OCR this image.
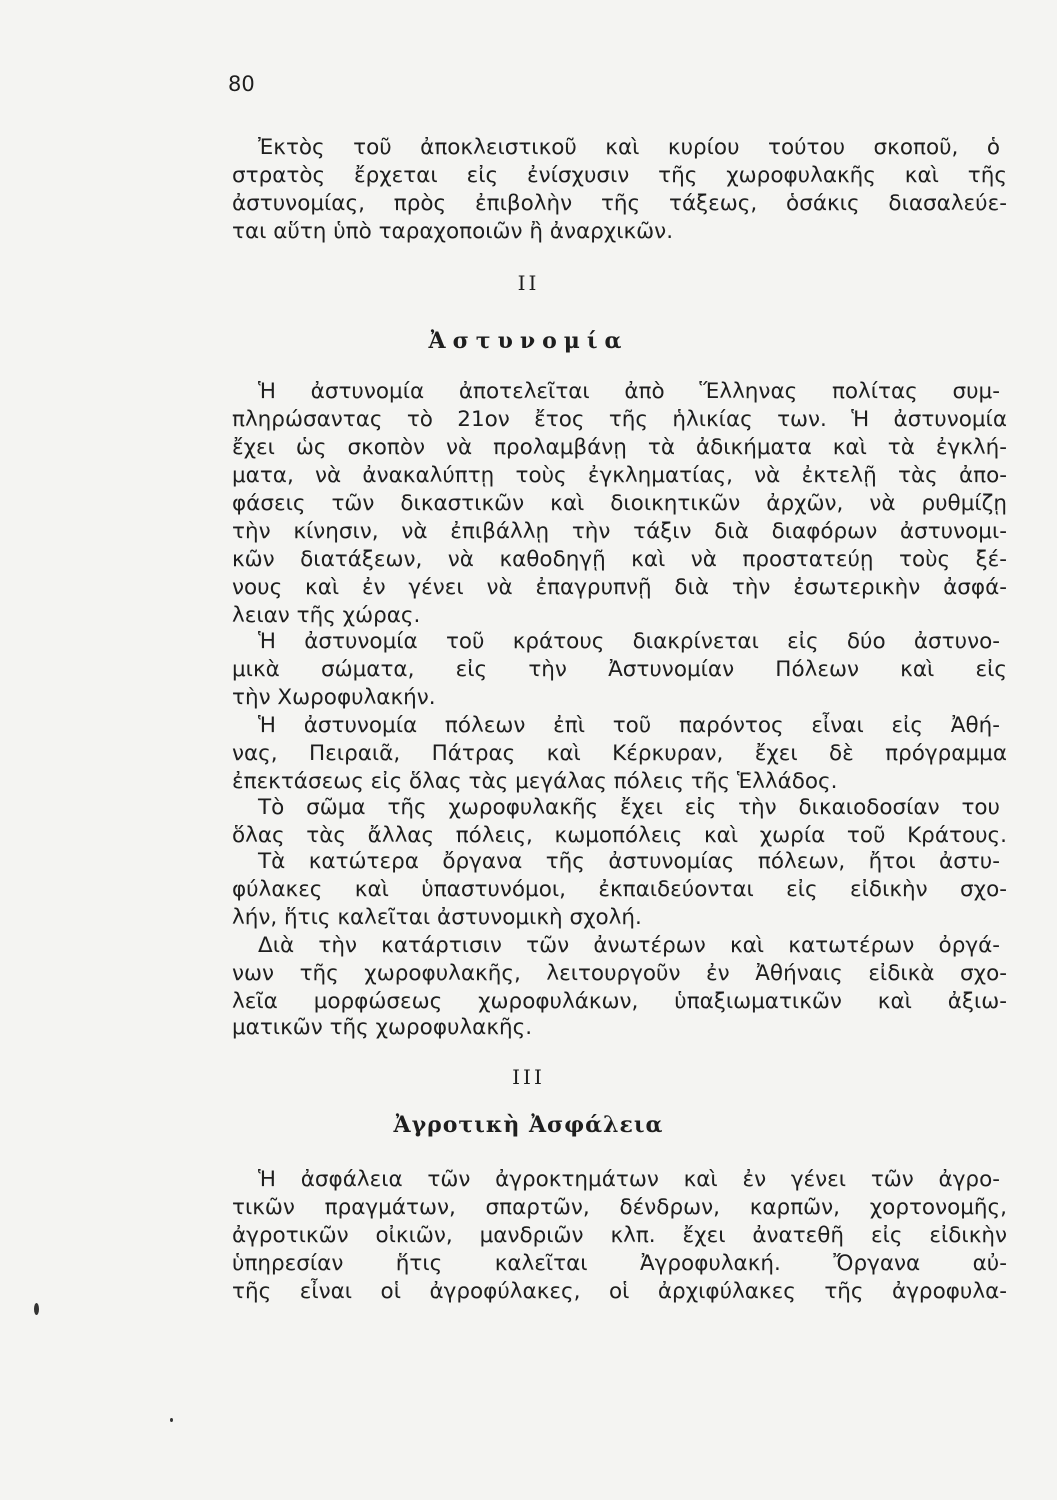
80
Ἐκτὸς τοῦ ἀποκλειστικοῦ καὶ κυρίου τούτου σκοποῦ, ὁ
στρατὸς ἔρχεται εἰς ἐνίσχυσιν τῆς χωροφυλακῆς καὶ τῆς
ἀστυνομίας, πρὸς ἐπιβολὴν τῆς τάξεως, ὁσάκις διασαλεύε-
ται αὕτη ὑπὸ ταραχοποιῶν ἢ ἀναρχικῶν.
II
Ἀστυνομία
Ἡ ἀστυνομία ἀποτελεῖται ἀπὸ Ἕλληνας πολίτας συμ-
πληρώσαντας τὸ 21ον ἔτος τῆς ἡλικίας των. Ἡ ἀστυνομία
ἔχει ὡς σκοπὸν νὰ προλαμβάνῃ τὰ ἀδικήματα καὶ τὰ ἐγκλή-
ματα, νὰ ἀνακαλύπτῃ τοὺς ἐγκληματίας, νὰ ἐκτελῇ τὰς ἀπο-
φάσεις τῶν δικαστικῶν καὶ διοικητικῶν ἀρχῶν, νὰ ρυθμίζῃ
τὴν κίνησιν, νὰ ἐπιβάλλῃ τὴν τάξιν διὰ διαφόρων ἀστυνομι-
κῶν διατάξεων, νὰ καθοδηγῇ καὶ νὰ προστατεύῃ τοὺς ξέ-
νους καὶ ἐν γένει νὰ ἐπαγρυπνῇ διὰ τὴν ἐσωτερικὴν ἀσφά-
λειαν τῆς χώρας.
Ἡ ἀστυνομία τοῦ κράτους διακρίνεται εἰς δύο ἀστυνο-
μικὰ σώματα, εἰς τὴν Ἀστυνομίαν Πόλεων καὶ εἰς
τὴν Χωροφυλακήν.
Ἡ ἀστυνομία πόλεων ἐπὶ τοῦ παρόντος εἶναι εἰς Ἀθή-
νας, Πειραιᾶ, Πάτρας καὶ Κέρκυραν, ἔχει δὲ πρόγραμμα
ἐπεκτάσεως εἰς ὅλας τὰς μεγάλας πόλεις τῆς Ἑλλάδος.
Τὸ σῶμα τῆς χωροφυλακῆς ἔχει εἰς τὴν δικαιοδοσίαν του
ὅλας τὰς ἄλλας πόλεις, κωμοπόλεις καὶ χωρία τοῦ Κράτους.
Τὰ κατώτερα ὄργανα τῆς ἀστυνομίας πόλεων, ἤτοι ἀστυ-
φύλακες καὶ ὑπαστυνόμοι, ἐκπαιδεύονται εἰς εἰδικὴν σχο-
λήν, ἥτις καλεῖται ἀστυνομικὴ σχολή.
Διὰ τὴν κατάρτισιν τῶν ἀνωτέρων καὶ κατωτέρων ὀργά-
νων τῆς χωροφυλακῆς, λειτουργοῦν ἐν Ἀθήναις εἰδικὰ σχο-
λεῖα μορφώσεως χωροφυλάκων, ὑπαξιωματικῶν καὶ ἀξιω-
ματικῶν τῆς χωροφυλακῆς.
III
Ἀγροτικὴ Ἀσφάλεια
Ἡ ἀσφάλεια τῶν ἀγροκτημάτων καὶ ἐν γένει τῶν ἀγρο-
τικῶν πραγμάτων, σπαρτῶν, δένδρων, καρπῶν, χορτονομῆς,
ἀγροτικῶν οἰκιῶν, μανδριῶν κλπ. ἔχει ἀνατεθῆ εἰς εἰδικὴν
ὑπηρεσίαν ἥτις καλεῖται Ἀγροφυλακή. Ὄργανα αὐ-
τῆς εἶναι οἱ ἀγροφύλακες, οἱ ἀρχιφύλακες τῆς ἀγροφυλα-
